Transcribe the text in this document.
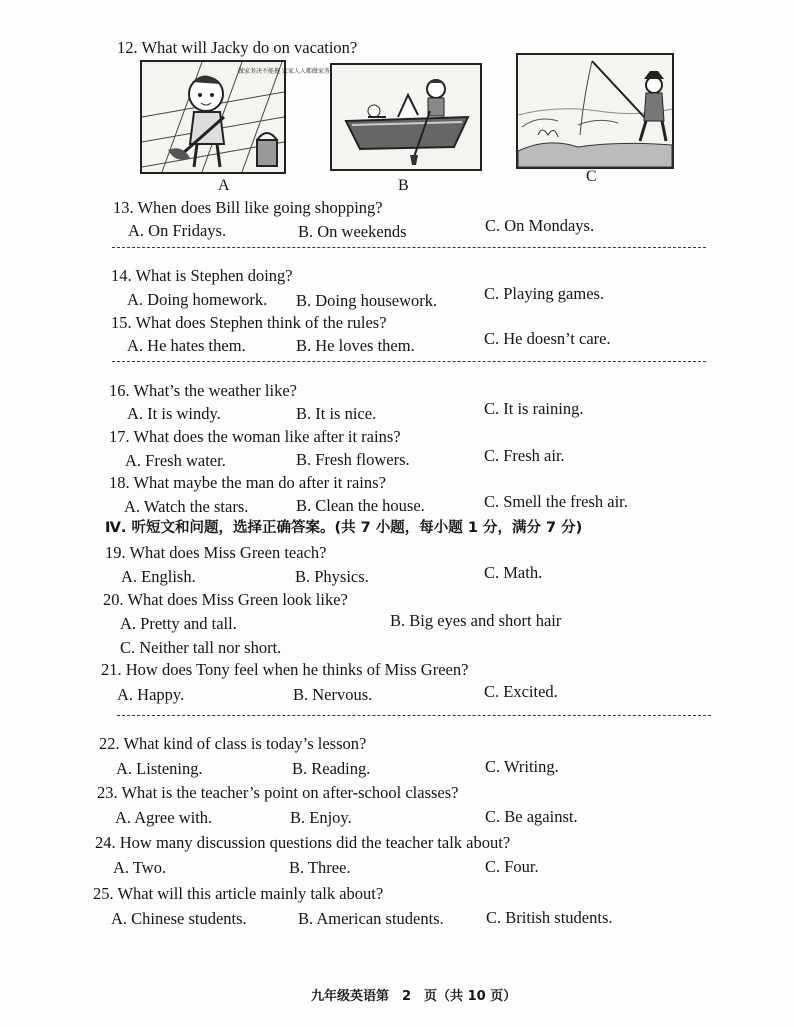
12. What will Jacky do on vacation?
做家务决不能拖 家家人人都做家务
A	B
C
13. When does Bill like going shopping?
A. On Fridays.	B. On weekends	C. On Mondays.
14. What is Stephen doing?
A. Doing homework. B. Doing housework.	C. Playing games.
15. What does Stephen think of the rules?
A. He hates them.	B. He loves them.	C. He doesn’t care.
16. What’s the weather like?
A. It is windy.	B. It is nice.	C. It is raining.
17. What does the woman like after it rains?
A. Fresh water.	B. Fresh flowers.	C. Fresh air.
18. What maybe the man do after it rains?
A. Watch the stars.	B. Clean the house.	C. Smell the fresh air.
Ⅳ. 听短文和问题，选择正确答案。(共 7 小题，每小题 1 分，满分 7 分)
19. What does Miss Green teach?
A. English.	B. Physics.	C. Math.
20. What does Miss Green look like?
A. Pretty and tall.	B. Big eyes and short hair
C. Neither tall nor short.
21. How does Tony feel when he thinks of Miss Green?
A. Happy.	B. Nervous.	C. Excited.
22. What kind of class is today’s lesson?
A. Listening.	B. Reading.	C. Writing.
23. What is the teacher’s point on after-school classes?
A. Agree with.	B. Enjoy.	C. Be against.
24. How many discussion questions did the teacher talk about?
A. Two.	B. Three.	C. Four.
25. What will this article mainly talk about?
A. Chinese students.	B. American students.	C. British students.
九年级英语第　2　页（共 10 页）
